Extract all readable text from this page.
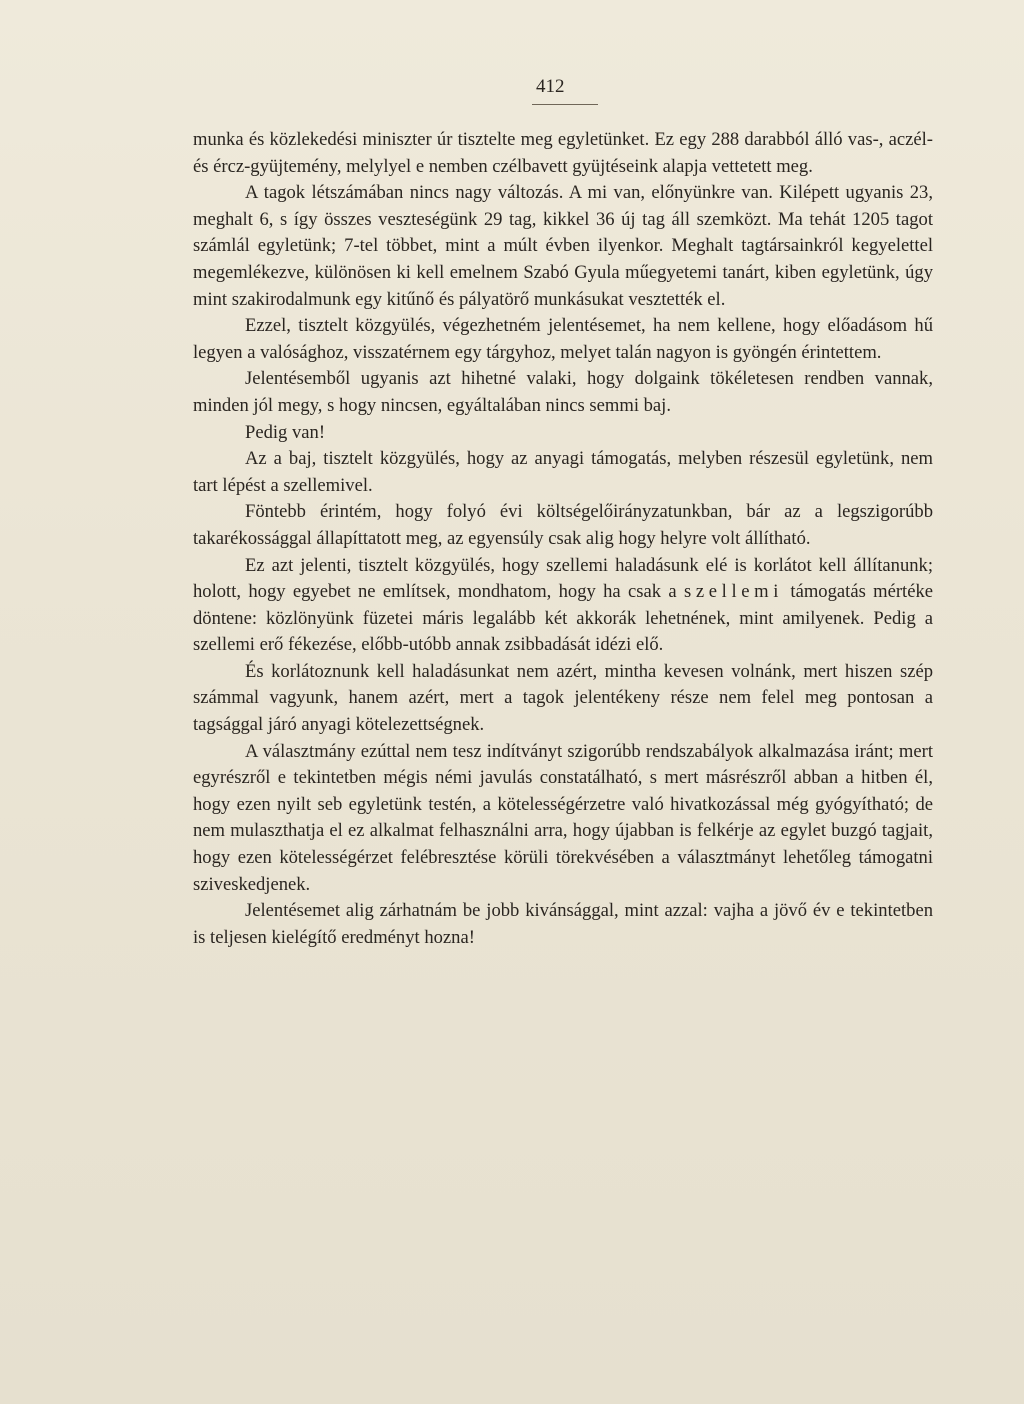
412

munka és közlekedési miniszter úr tisztelte meg egyletünket. Ez egy 288 darabból álló vas-, aczél- és ércz-gyüjtemény, melylyel e nemben czélbavett gyüjtéseink alapja vettetett meg.

A tagok létszámában nincs nagy változás. A mi van, előnyünkre van. Kilépett ugyanis 23, meghalt 6, s így összes veszteségünk 29 tag, kikkel 36 új tag áll szemközt. Ma tehát 1205 tagot számlál egyletünk; 7-tel többet, mint a múlt évben ilyenkor. Meghalt tagtársainkról kegyelettel megemlékezve, különösen ki kell emelnem Szabó Gyula műegyetemi tanárt, kiben egyletünk, úgy mint szakirodalmunk egy kitűnő és pályatörő munkásukat vesztették el.

Ezzel, tisztelt közgyülés, végezhetném jelentésemet, ha nem kellene, hogy előadásom hű legyen a valósághoz, visszatérnem egy tárgyhoz, melyet talán nagyon is gyöngén érintettem.

Jelentésemből ugyanis azt hihetné valaki, hogy dolgaink tökéletesen rendben vannak, minden jól megy, s hogy nincsen, egyáltalában nincs semmi baj.

Pedig van!

Az a baj, tisztelt közgyülés, hogy az anyagi támogatás, melyben részesül egyletünk, nem tart lépést a szellemivel.

Föntebb érintém, hogy folyó évi költségelőirányzatunkban, bár az a legszigorúbb takarékossággal állapíttatott meg, az egyensúly csak alig hogy helyre volt állítható.

Ez azt jelenti, tisztelt közgyülés, hogy szellemi haladásunk elé is korlátot kell állítanunk; holott, hogy egyebet ne említsek, mondhatom, hogy ha csak a szellemi támogatás mértéke döntene: közlönyünk füzetei máris legalább két akkorák lehetnének, mint amilyenek. Pedig a szellemi erő fékezése, előbb-utóbb annak zsibbadását idézi elő.

És korlátoznunk kell haladásunkat nem azért, mintha kevesen volnánk, mert hiszen szép számmal vagyunk, hanem azért, mert a tagok jelentékeny része nem felel meg pontosan a tagsággal járó anyagi kötelezettségnek.

A választmány ezúttal nem tesz indítványt szigorúbb rendszabályok alkalmazása iránt; mert egyrészről e tekintetben mégis némi javulás constatálható, s mert másrészről abban a hitben él, hogy ezen nyilt seb egyletünk testén, a kötelességérzetre való hivatkozással még gyógyítható; de nem mulaszthatja el ez alkalmat felhasználni arra, hogy újabban is felkérje az egylet buzgó tagjait, hogy ezen kötelességérzet felébresztése körüli törekvésében a választmányt lehetőleg támogatni sziveskedjenek.

Jelentésemet alig zárhatnám be jobb kivánsággal, mint azzal: vajha a jövő év e tekintetben is teljesen kielégítő eredményt hozna!
